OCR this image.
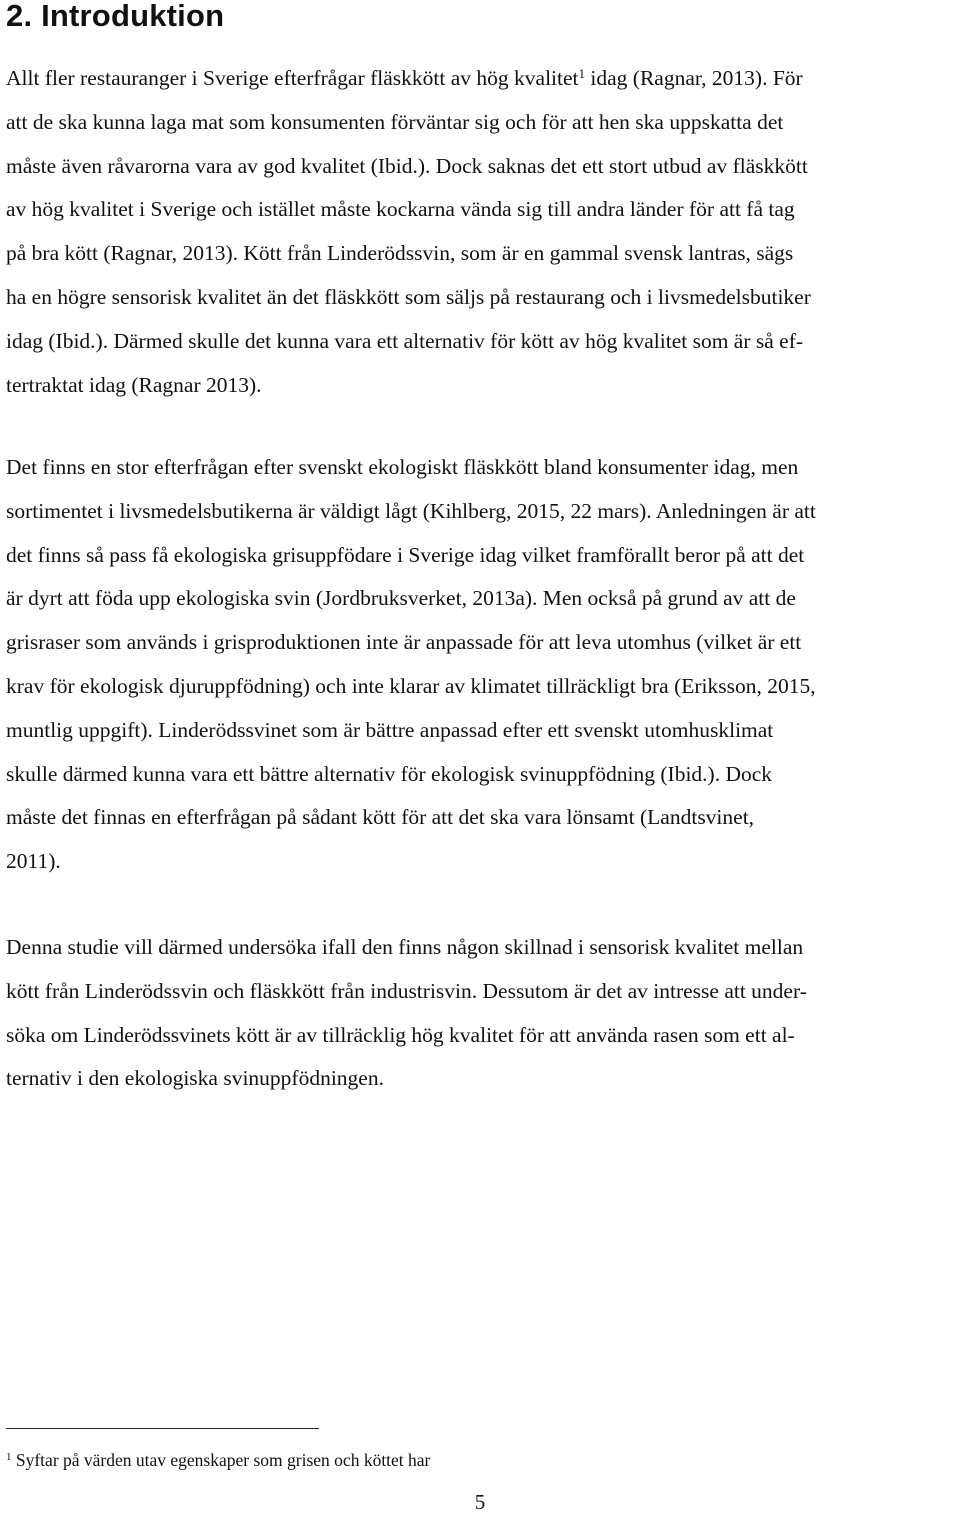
2. Introduktion
Allt fler restauranger i Sverige efterfrågar fläskkött av hög kvalitet$^1$ idag (Ragnar, 2013). För
att de ska kunna laga mat som konsumenten förväntar sig och för att hen ska uppskatta det
måste även råvarorna vara av god kvalitet (Ibid.). Dock saknas det ett stort utbud av fläskkött
av hög kvalitet i Sverige och istället måste kockarna vända sig till andra länder för att få tag
på bra kött (Ragnar, 2013). Kött från Linderödssvin, som är en gammal svensk lantras, sägs
ha en högre sensorisk kvalitet än det fläskkött som säljs på restaurang och i livsmedelsbutiker
idag (Ibid.). Därmed skulle det kunna vara ett alternativ för kött av hög kvalitet som är så ef-
tertraktat idag (Ragnar 2013).
Det finns en stor efterfrågan efter svenskt ekologiskt fläskkött bland konsumenter idag, men
sortimentet i livsmedelsbutikerna är väldigt lågt (Kihlberg, 2015, 22 mars). Anledningen är att
det finns så pass få ekologiska grisuppfödare i Sverige idag vilket framförallt beror på att det
är dyrt att föda upp ekologiska svin (Jordbruksverket, 2013a). Men också på grund av att de
grisraser som används i grisproduktionen inte är anpassade för att leva utomhus (vilket är ett
krav för ekologisk djuruppfödning) och inte klarar av klimatet tillräckligt bra (Eriksson, 2015,
muntlig uppgift). Linderödssvinet som är bättre anpassad efter ett svenskt utomhusklimat
skulle därmed kunna vara ett bättre alternativ för ekologisk svinuppfödning (Ibid.). Dock
måste det finnas en efterfrågan på sådant kött för att det ska vara lönsamt (Landtsvinet,
2011).
Denna studie vill därmed undersöka ifall den finns någon skillnad i sensorisk kvalitet mellan
kött från Linderödssvin och fläskkött från industrisvin. Dessutom är det av intresse att under-
söka om Linderödssvinets kött är av tillräcklig hög kvalitet för att använda rasen som ett al-
ternativ i den ekologiska svinuppfödningen.

$^1$ Syftar på värden utav egenskaper som grisen och köttet har

5
